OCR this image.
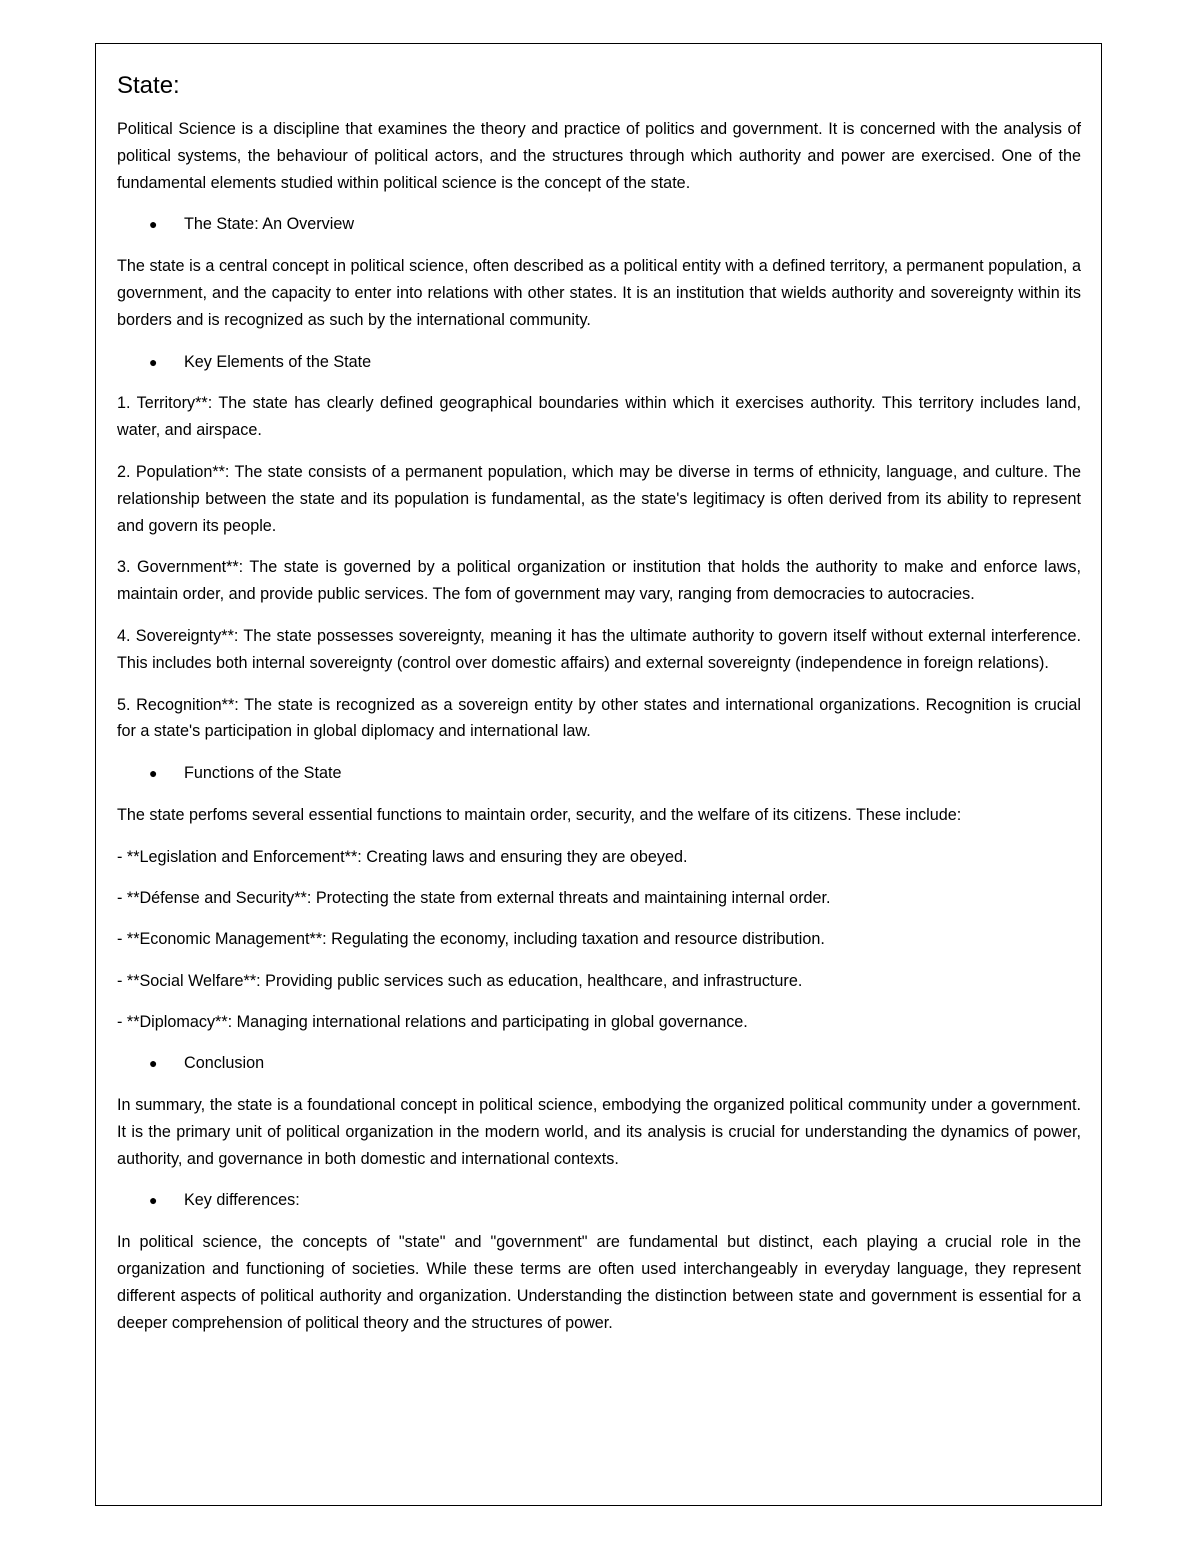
State:

Political Science is a discipline that examines the theory and practice of politics and government. It is concerned with the analysis of political systems, the behaviour of political actors, and the structures through which authority and power are exercised. One of the fundamental elements studied within political science is the concept of the state.

● The State: An Overview

The state is a central concept in political science, often described as a political entity with a defined territory, a permanent population, a government, and the capacity to enter into relations with other states. It is an institution that wields authority and sovereignty within its borders and is recognized as such by the international community.

● Key Elements of the State

1. Territory**: The state has clearly defined geographical boundaries within which it exercises authority. This territory includes land, water, and airspace.

2. Population**: The state consists of a permanent population, which may be diverse in terms of ethnicity, language, and culture. The relationship between the state and its population is fundamental, as the state's legitimacy is often derived from its ability to represent and govern its people.

3. Government**: The state is governed by a political organization or institution that holds the authority to make and enforce laws, maintain order, and provide public services. The fom of government may vary, ranging from democracies to autocracies.

4. Sovereignty**: The state possesses sovereignty, meaning it has the ultimate authority to govern itself without external interference. This includes both internal sovereignty (control over domestic affairs) and external sovereignty (independence in foreign relations).

5. Recognition**: The state is recognized as a sovereign entity by other states and international organizations. Recognition is crucial for a state's participation in global diplomacy and international law.

● Functions of the State

The state perfoms several essential functions to maintain order, security, and the welfare of its citizens. These include:

- **Legislation and Enforcement**: Creating laws and ensuring they are obeyed.
- **Défense and Security**: Protecting the state from external threats and maintaining internal order.
- **Economic Management**: Regulating the economy, including taxation and resource distribution.
- **Social Welfare**: Providing public services such as education, healthcare, and infrastructure.
- **Diplomacy**: Managing international relations and participating in global governance.
● Conclusion

In summary, the state is a foundational concept in political science, embodying the organized political community under a government. It is the primary unit of political organization in the modern world, and its analysis is crucial for understanding the dynamics of power, authority, and governance in both domestic and international contexts.

● Key differences:

In political science, the concepts of "state" and "government" are fundamental but distinct, each playing a crucial role in the organization and functioning of societies. While these terms are often used interchangeably in everyday language, they represent different aspects of political authority and organization. Understanding the distinction between state and government is essential for a deeper comprehension of political theory and the structures of power.
